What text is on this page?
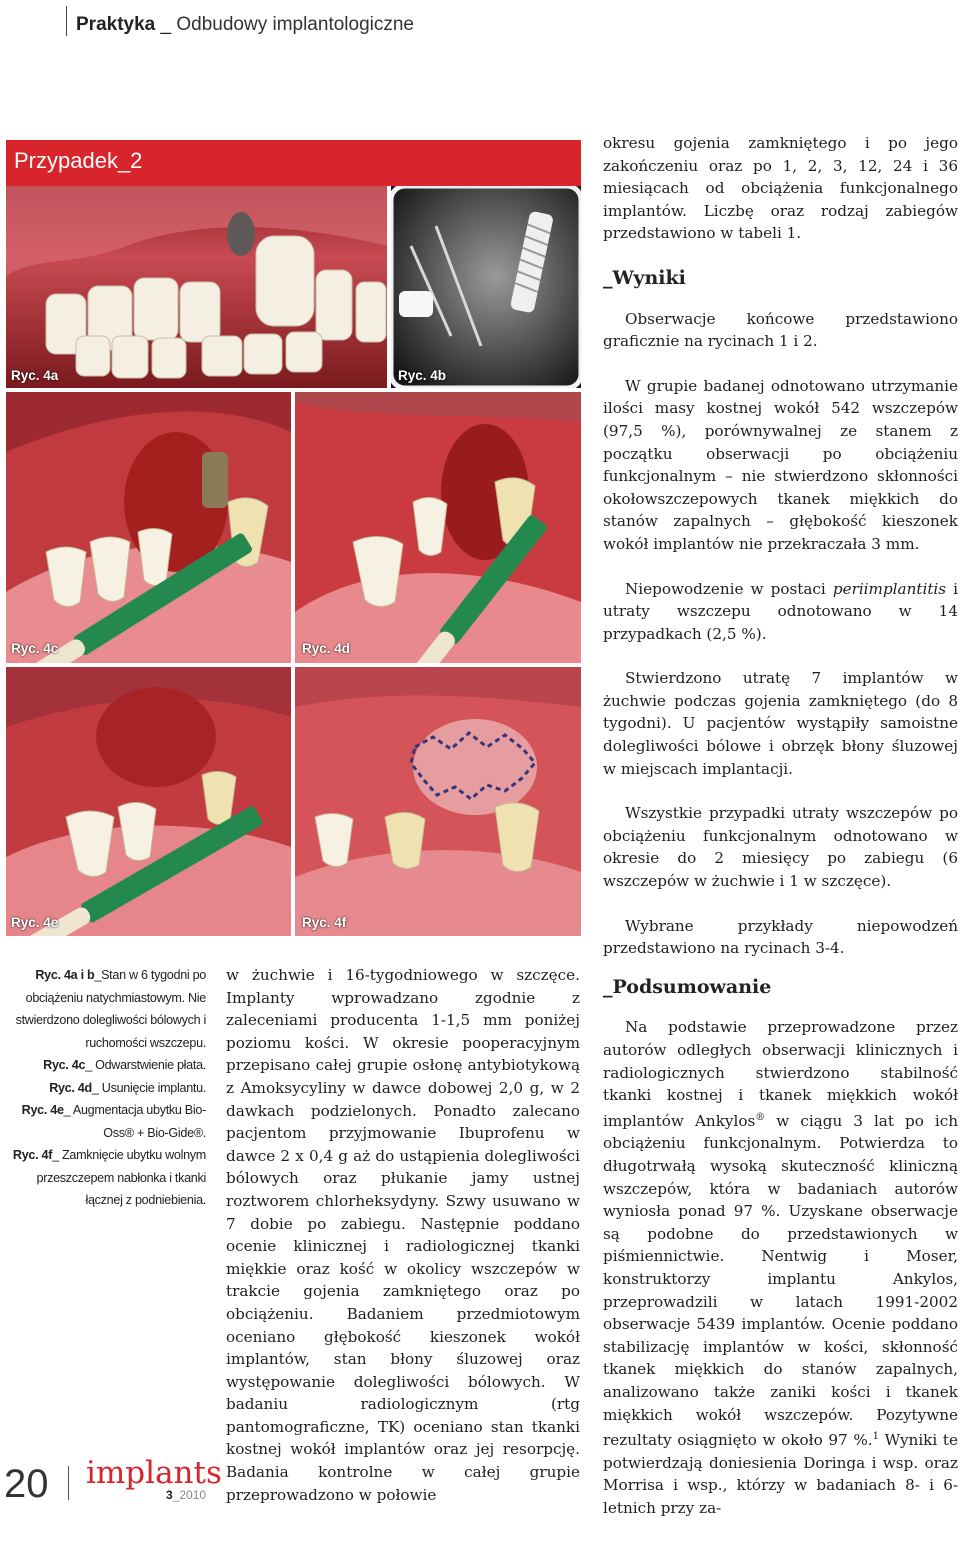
Praktyka _ Odbudowy implantologiczne
Przypadek_2
Ryc. 4a	Ryc. 4b
Ryc. 4c	Ryc. 4d
Ryc. 4e	Ryc. 4f
Ryc. 4a i b_Stan w 6 tygodni po obciążeniu natychmiastowym. Nie stwierdzono dolegliwości bólowych i ruchomości wszczepu.
Ryc. 4c_ Odwarstwienie płata.
Ryc. 4d_ Usunięcie implantu.
Ryc. 4e_ Augmentacja ubytku Bio-Oss® + Bio-Gide®.
Ryc. 4f_ Zamknięcie ubytku wolnym przeszczepem nabłonka i tkanki łącznej z podniebienia.

w żuchwie i 16-tygodniowego w szczęce. Implanty wprowadzano zgodnie z zaleceniami producenta 1-1,5 mm poniżej poziomu kości. W okresie pooperacyjnym przepisano całej grupie osłonę antybiotykową z Amoksycyliny w dawce dobowej 2,0 g, w 2 dawkach podzielonych. Ponadto zalecano pacjentom przyjmowanie Ibuprofenu w dawce 2 x 0,4 g aż do ustąpienia dolegliwości bólowych oraz płukanie jamy ustnej roztworem chlorheksydyny. Szwy usuwano w 7 dobie po zabiegu. Następnie poddano ocenie klinicznej i radiologicznej tkanki miękkie oraz kość w okolicy wszczepów w trakcie gojenia zamkniętego oraz po obciążeniu. Badaniem przedmiotowym oceniano głębokość kieszonek wokół implantów, stan błony śluzowej oraz występowanie dolegliwości bólowych. W badaniu radiologicznym (rtg pantomograficzne, TK) oceniano stan tkanki kostnej wokół implantów oraz jej resorpcję. Badania kontrolne w całej grupie przeprowadzono w połowie

okresu gojenia zamkniętego i po jego zakończeniu oraz po 1, 2, 3, 12, 24 i 36 miesiącach od obciążenia funkcjonalnego implantów. Liczbę oraz rodzaj zabiegów przedstawiono w tabeli 1.

_Wyniki

Obserwacje końcowe przedstawiono graficznie na rycinach 1 i 2.

W grupie badanej odnotowano utrzymanie ilości masy kostnej wokół 542 wszczepów (97,5 %), porównywalnej ze stanem z początku obserwacji po obciążeniu funkcjonalnym – nie stwierdzono skłonności okołowszczepowych tkanek miękkich do stanów zapalnych – głębokość kieszonek wokół implantów nie przekraczała 3 mm.

Niepowodzenie w postaci periimplantitis i utraty wszczepu odnotowano w 14 przypadkach (2,5 %).

Stwierdzono utratę 7 implantów w żuchwie podczas gojenia zamkniętego (do 8 tygodni). U pacjentów wystąpiły samoistne dolegliwości bólowe i obrzęk błony śluzowej w miejscach implantacji.

Wszystkie przypadki utraty wszczepów po obciążeniu funkcjonalnym odnotowano w okresie do 2 miesięcy po zabiegu (6 wszczepów w żuchwie i 1 w szczęce).

Wybrane przykłady niepowodzeń przedstawiono na rycinach 3-4.

_Podsumowanie

Na podstawie przeprowadzone przez autorów odległych obserwacji klinicznych i radiologicznych stwierdzono stabilność tkanki kostnej i tkanek miękkich wokół implantów Ankylos® w ciągu 3 lat po ich obciążeniu funkcjonalnym. Potwierdza to długotrwałą wysoką skuteczność kliniczną wszczepów, która w badaniach autorów wyniosła ponad 97 %. Uzyskane obserwacje są podobne do przedstawionych w piśmiennictwie. Nentwig i Moser, konstruktorzy implantu Ankylos, przeprowadzili w latach 1991-2002 obserwacje 5439 implantów. Ocenie poddano stabilizację implantów w kości, skłonność tkanek miękkich do stanów zapalnych, analizowano także zaniki kości i tkanek miękkich wokół wszczepów. Pozytywne rezultaty osiągnięto w około 97 %.$^1$ Wyniki te potwierdzają doniesienia Doringa i wsp. oraz Morrisa i wsp., którzy w badaniach 8- i 6-letnich przy za-

20 implants
3_2010
